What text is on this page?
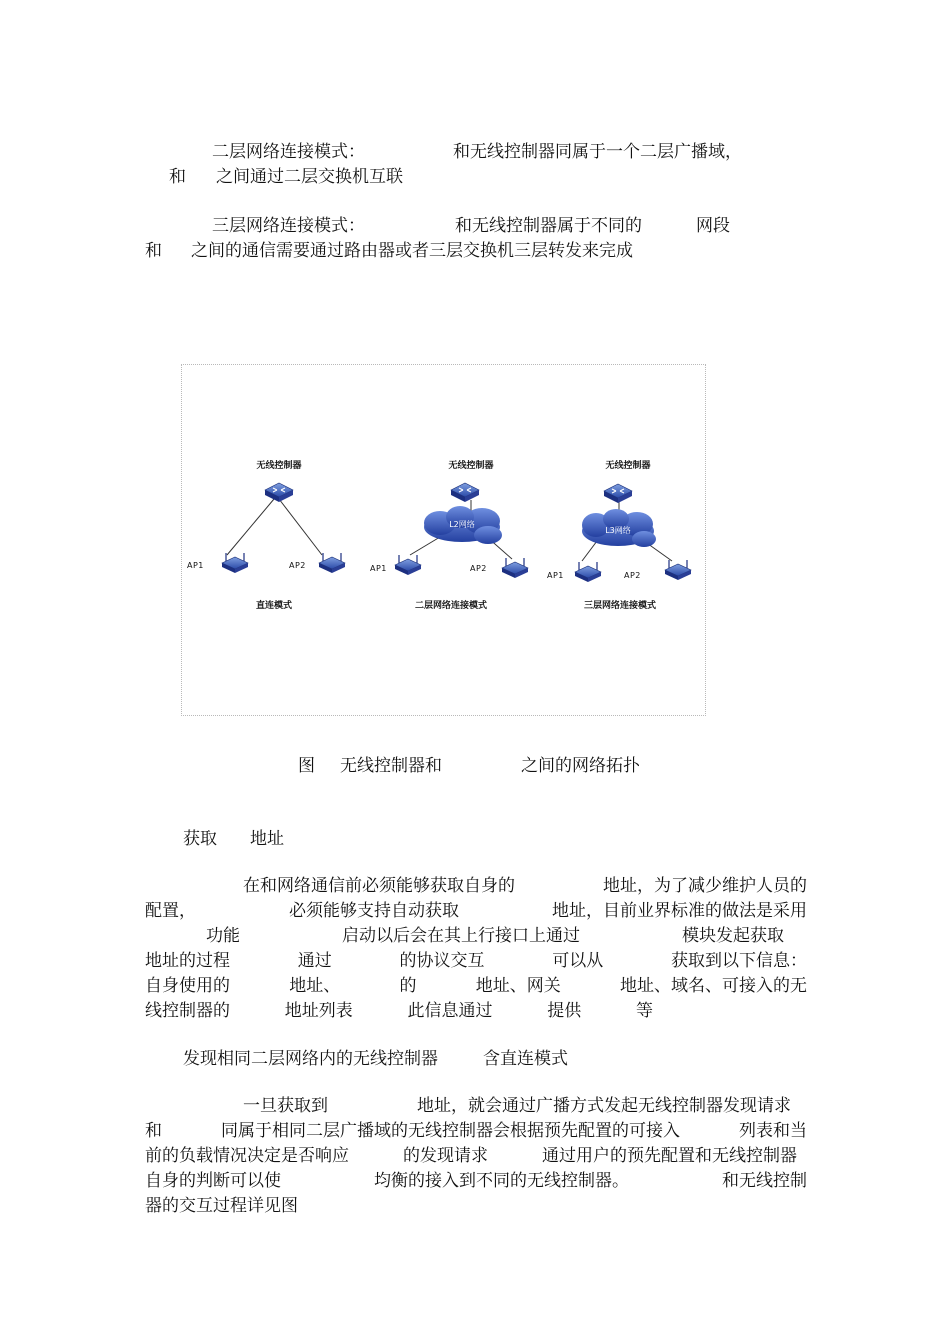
二层网络连接模式：	和无线控制器同属于一个二层广播域，
和 之间通过二层交换机互联
三层网络连接模式：	和无线控制器属于不同的	网段
和 之间的通信需要通过路由器或者三层交换机三层转发来完成
无线控制器
AP1	AP2
直连模式
无线控制器
L2网络
AP1	AP2
二层网络连接模式
无线控制器
L3网络
AP1	AP2
三层网络连接模式
图 无线控制器和	之间的网络拓扑
获取 地址
在和网络通信前必须能够获取自身的	地址，为了减少维护人员的
配置，	必须能够支持自动获取	地址，目前业界标准的做法是采用
功能	启动以后会在其上行接口上通过	模块发起获取
地址的过程	通过	的协议交互	可以从	获取到以下信息：
自身使用的	地址、	的	地址、网关	地址、域名、可接入的无
线控制器的	地址列表	此信息通过	提供	等
发现相同二层网络内的无线控制器	含直连模式
一旦获取到	地址，就会通过广播方式发起无线控制器发现请求
和	同属于相同二层广播域的无线控制器会根据预先配置的可接入	列表和当
前的负载情况决定是否响应	的发现请求	通过用户的预先配置和无线控制器
自身的判断可以使	均衡的接入到不同的无线控制器。	和无线控制
器的交互过程详见图
